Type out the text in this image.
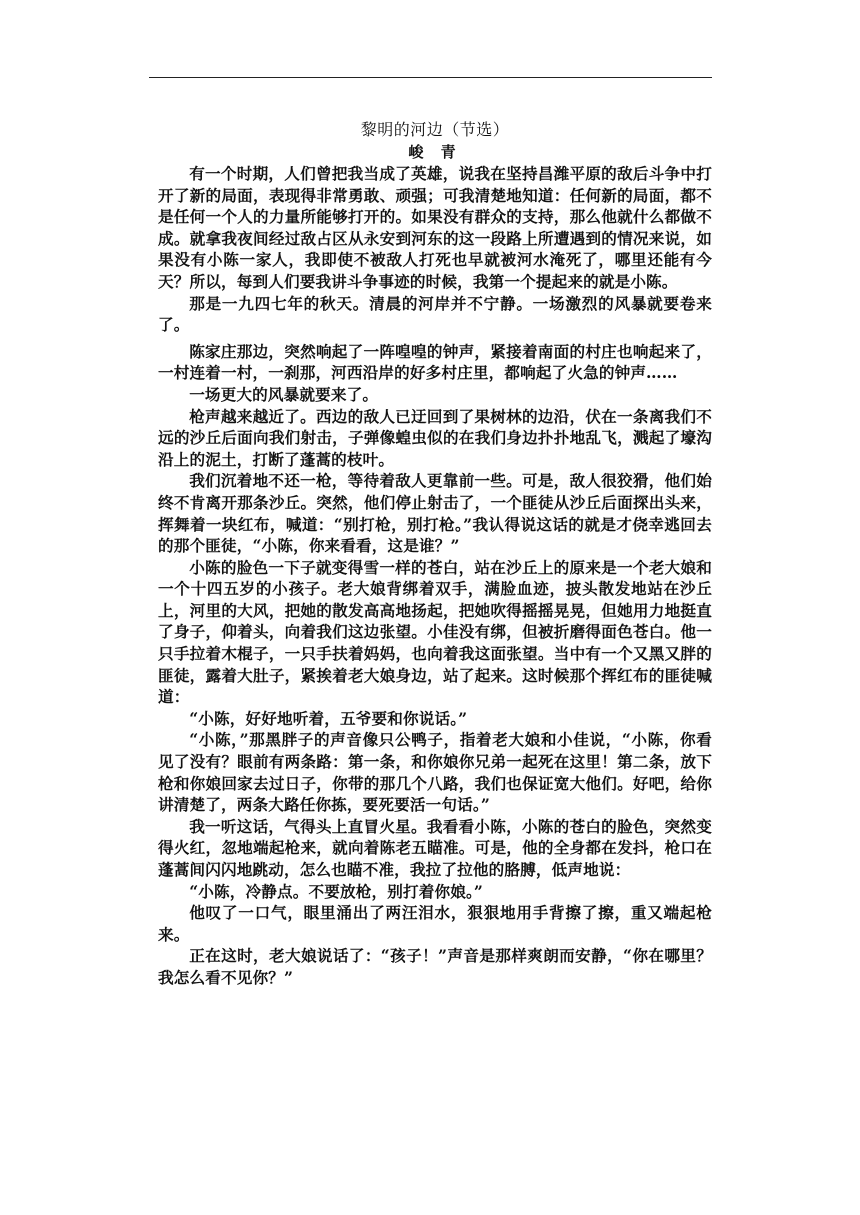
黎明的河边（节选）
峻 青

有一个时期，人们曾把我当成了英雄，说我在坚持昌潍平原的敌后斗争中打开了新的局面，表现得非常勇敢、顽强；可我清楚地知道：任何新的局面，都不是任何一个人的力量所能够打开的。如果没有群众的支持，那么他就什么都做不成。就拿我夜间经过敌占区从永安到河东的这一段路上所遭遇到的情况来说，如果没有小陈一家人，我即使不被敌人打死也早就被河水淹死了，哪里还能有今天？所以，每到人们要我讲斗争事迹的时候，我第一个提起来的就是小陈。

那是一九四七年的秋天。清晨的河岸并不宁静。一场激烈的风暴就要卷来了。

陈家庄那边，突然响起了一阵喤喤的钟声，紧接着南面的村庄也响起来了，一村连着一村，一刹那，河西沿岸的好多村庄里，都响起了火急的钟声……

一场更大的风暴就要来了。

枪声越来越近了。西边的敌人已迂回到了果树林的边沿，伏在一条离我们不远的沙丘后面向我们射击，子弹像蝗虫似的在我们身边扑扑地乱飞，溅起了壕沟沿上的泥土，打断了蓬蒿的枝叶。

我们沉着地不还一枪，等待着敌人更靠前一些。可是，敌人很狡猾，他们始终不肯离开那条沙丘。突然，他们停止射击了，一个匪徒从沙丘后面探出头来，挥舞着一块红布，喊道：“别打枪，别打枪。”我认得说这话的就是才侥幸逃回去的那个匪徒，“小陈，你来看看，这是谁？”

小陈的脸色一下子就变得雪一样的苍白，站在沙丘上的原来是一个老大娘和一个十四五岁的小孩子。老大娘背绑着双手，满脸血迹，披头散发地站在沙丘上，河里的大风，把她的散发高高地扬起，把她吹得摇摇晃晃，但她用力地挺直了身子，仰着头，向着我们这边张望。小佳没有绑，但被折磨得面色苍白。他一只手拉着木棍子，一只手扶着妈妈，也向着我这面张望。当中有一个又黑又胖的匪徒，露着大肚子，紧挨着老大娘身边，站了起来。这时候那个挥红布的匪徒喊道：

“小陈，好好地听着，五爷要和你说话。”

“小陈，”那黑胖子的声音像只公鸭子，指着老大娘和小佳说，“小陈，你看见了没有？眼前有两条路：第一条，和你娘你兄弟一起死在这里！第二条，放下枪和你娘回家去过日子，你带的那几个八路，我们也保证宽大他们。好吧，给你讲清楚了，两条大路任你拣，要死要活一句话。”

我一听这话，气得头上直冒火星。我看看小陈，小陈的苍白的脸色，突然变得火红，忽地端起枪来，就向着陈老五瞄准。可是，他的全身都在发抖，枪口在蓬蒿间闪闪地跳动，怎么也瞄不准，我拉了拉他的胳膊，低声地说：

“小陈，冷静点。不要放枪，别打着你娘。”

他叹了一口气，眼里涌出了两汪泪水，狠狠地用手背擦了擦，重又端起枪来。

正在这时，老大娘说话了：“孩子！”声音是那样爽朗而安静，“你在哪里？我怎么看不见你？”
